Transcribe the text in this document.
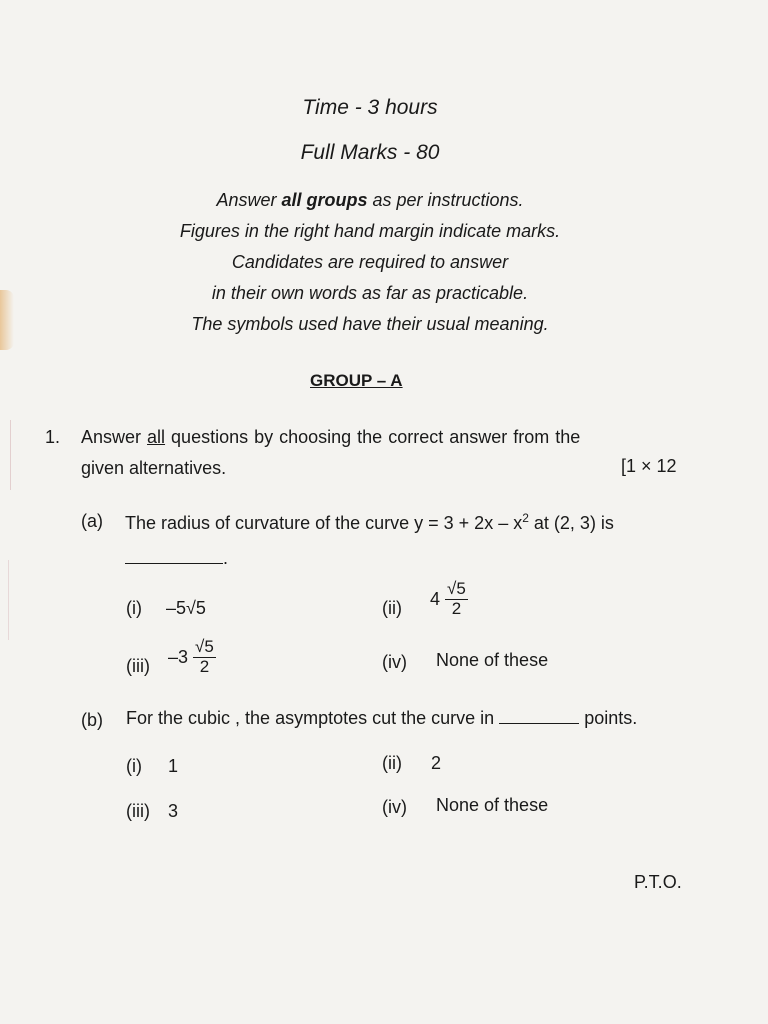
Time - 3 hours
Full Marks - 80
Answer all groups as per instructions.
Figures in the right hand margin indicate marks.
Candidates are required to answer
in their own words as far as practicable.
The symbols used have their usual meaning.
GROUP – A
1. Answer all questions by choosing the correct answer from the
given alternatives.	[1 × 12
(a) The radius of curvature of the curve $y = 3 + 2x - x^2$ at (2, 3) is
.
(i) –5√5	(ii) $4 \frac{√5}{2}$
(iii) $-3 \frac{√5}{2}$	(iv) None of these
(b) For the cubic , the asymptotes cut the curve in	points.
(i) 1	(ii) 2
(iii) 3	(iv) None of these
P.T.O.
